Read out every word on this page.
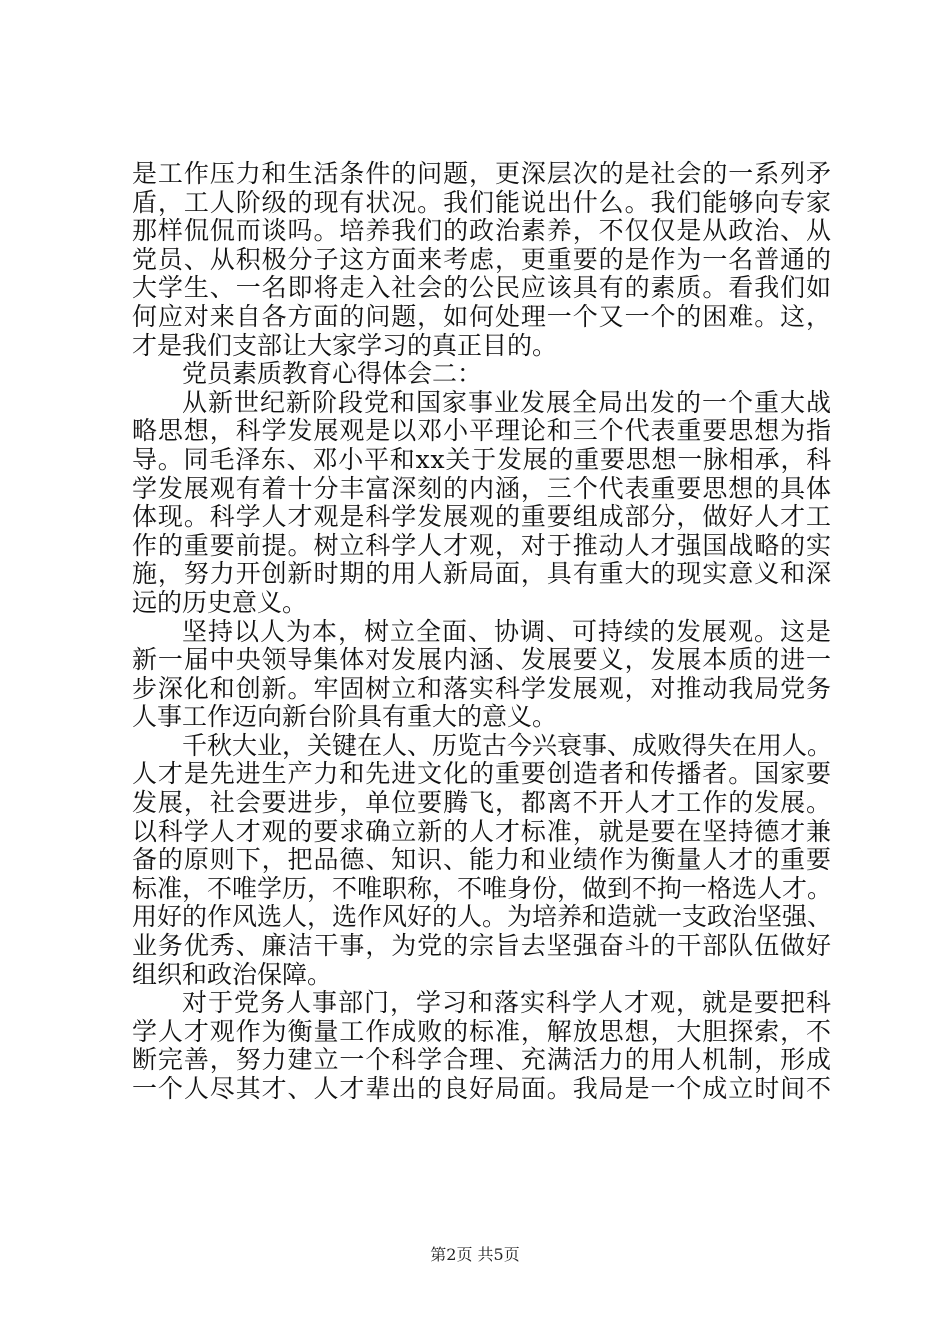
是工作压力和生活条件的问题，更深层次的是社会的一系列矛
盾，工人阶级的现有状况。我们能说出什么。我们能够向专家
那样侃侃而谈吗。培养我们的政治素养，不仅仅是从政治、从
党员、从积极分子这方面来考虑，更重要的是作为一名普通的
大学生、一名即将走入社会的公民应该具有的素质。看我们如
何应对来自各方面的问题，如何处理一个又一个的困难。这，
才是我们支部让大家学习的真正目的。
党员素质教育心得体会二：
从新世纪新阶段党和国家事业发展全局出发的一个重大战
略思想，科学发展观是以邓小平理论和三个代表重要思想为指
导。同毛泽东、邓小平和xx关于发展的重要思想一脉相承，科
学发展观有着十分丰富深刻的内涵，三个代表重要思想的具体
体现。科学人才观是科学发展观的重要组成部分，做好人才工
作的重要前提。树立科学人才观，对于推动人才强国战略的实
施，努力开创新时期的用人新局面，具有重大的现实意义和深
远的历史意义。
坚持以人为本，树立全面、协调、可持续的发展观。这是
新一届中央领导集体对发展内涵、发展要义，发展本质的进一
步深化和创新。牢固树立和落实科学发展观，对推动我局党务
人事工作迈向新台阶具有重大的意义。
千秋大业，关键在人、历览古今兴衰事、成败得失在用人。
人才是先进生产力和先进文化的重要创造者和传播者。国家要
发展，社会要进步，单位要腾飞，都离不开人才工作的发展。
以科学人才观的要求确立新的人才标准，就是要在坚持德才兼
备的原则下，把品德、知识、能力和业绩作为衡量人才的重要
标准，不唯学历，不唯职称，不唯身份，做到不拘一格选人才。
用好的作风选人，选作风好的人。为培养和造就一支政治坚强、
业务优秀、廉洁干事，为党的宗旨去坚强奋斗的干部队伍做好
组织和政治保障。
对于党务人事部门，学习和落实科学人才观，就是要把科
学人才观作为衡量工作成败的标准，解放思想，大胆探索，不
断完善，努力建立一个科学合理、充满活力的用人机制，形成
一个人尽其才、人才辈出的良好局面。我局是一个成立时间不
第2页 共5页
